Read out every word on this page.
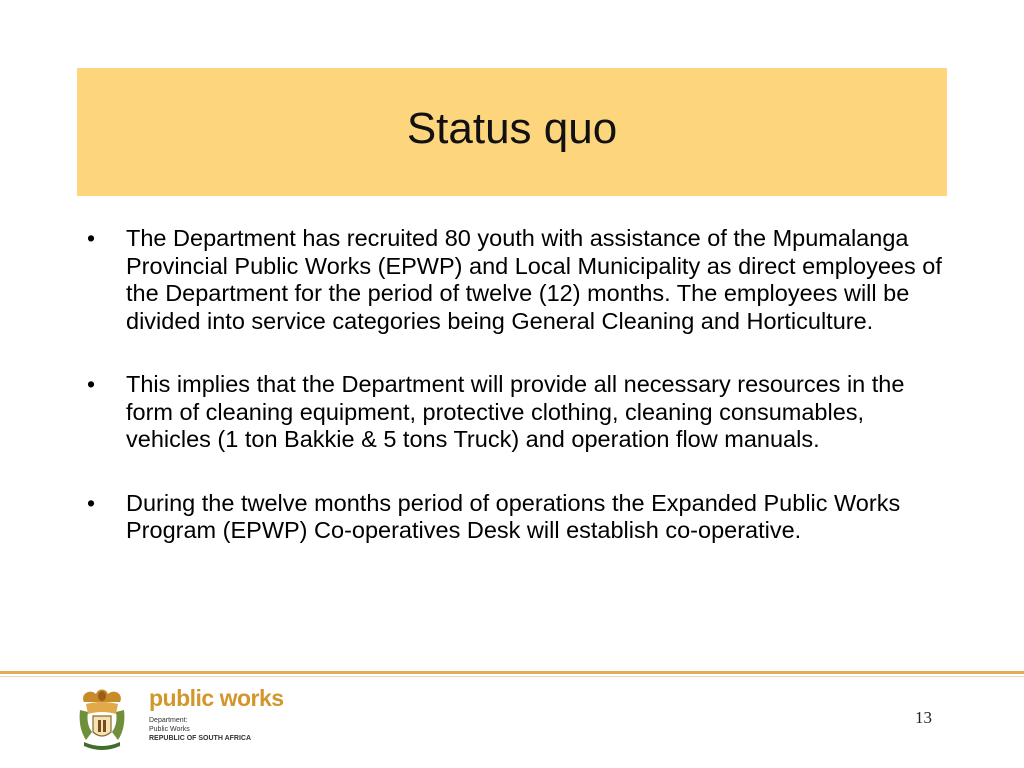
Status quo
• The Department has recruited 80 youth with assistance of the Mpumalanga Provincial Public Works (EPWP) and Local Municipality as direct employees of the Department for the period of twelve (12) months. The employees will be divided into service categories being General Cleaning and Horticulture.
• This implies that the Department will provide all necessary resources in the form of cleaning equipment, protective clothing, cleaning consumables, vehicles (1 ton Bakkie & 5 tons Truck) and operation flow manuals.
• During the twelve months period of operations the Expanded Public Works Program (EPWP) Co-operatives Desk will establish co-operative.
public works
Department:
Public Works
REPUBLIC OF SOUTH AFRICA
13
